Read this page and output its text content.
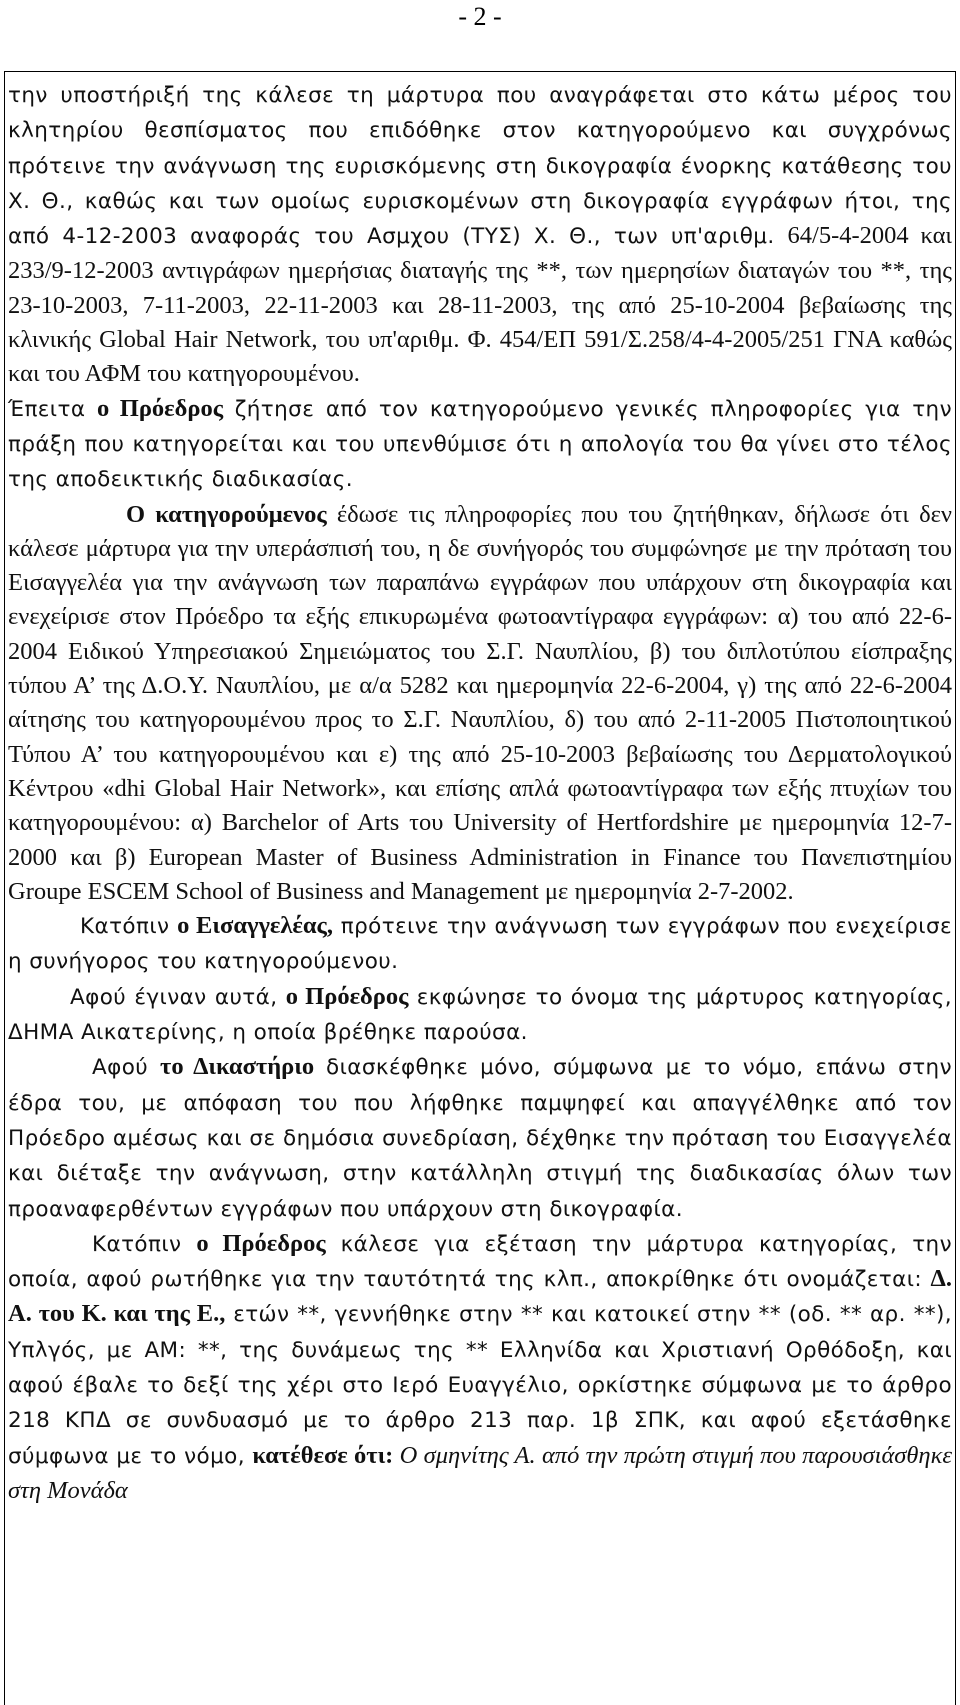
- 2 -

την υποστήριξή της κάλεσε τη μάρτυρα που αναγράφεται στο κάτω μέρος του κλητηρίου θεσπίσματος που επιδόθηκε στον κατηγορούμενο και συγχρόνως πρότεινε την ανάγνωση της ευρισκόμενης στη δικογραφία ένορκης κατάθεσης του Χ. Θ., καθώς και των ομοίως ευρισκομένων στη δικογραφία εγγράφων ήτοι, της από 4-12-2003 αναφοράς του Ασμχου (ΤΥΣ) Χ. Θ., των υπ'αριθμ. 64/5-4-2004 και 233/9-12-2003 αντιγράφων ημερήσιας διαταγής της **, των ημερησίων διαταγών του **, της 23-10-2003, 7-11-2003, 22-11-2003 και 28-11-2003, της από 25-10-2004 βεβαίωσης της κλινικής Global Hair Network, του υπ'αριθμ. Φ. 454/ΕΠ 591/Σ.258/4-4-2005/251 ΓΝΑ καθώς και του ΑΦΜ του κατηγορουμένου.

Έπειτα ο Πρόεδρος ζήτησε από τον κατηγορούμενο γενικές πληροφορίες για την πράξη που κατηγορείται και του υπενθύμισε ότι η απολογία του θα γίνει στο τέλος της αποδεικτικής διαδικασίας.

Ο κατηγορούμενος έδωσε τις πληροφορίες που του ζητήθηκαν, δήλωσε ότι δεν κάλεσε μάρτυρα για την υπεράσπισή του, η δε συνήγορός του συμφώνησε με την πρόταση του Εισαγγελέα για την ανάγνωση των παραπάνω εγγράφων που υπάρχουν στη δικογραφία και ενεχείρισε στον Πρόεδρο τα εξής επικυρωμένα φωτοαντίγραφα εγγράφων: α) του από 22-6-2004 Ειδικού Υπηρεσιακού Σημειώματος του Σ.Γ. Ναυπλίου, β) του διπλοτύπου είσπραξης τύπου Α’ της Δ.Ο.Υ. Ναυπλίου, με α/α 5282 και ημερομηνία 22-6-2004, γ) της από 22-6-2004 αίτησης του κατηγορουμένου προς το Σ.Γ. Ναυπλίου, δ) του από 2-11-2005 Πιστοποιητικού Τύπου Α’ του κατηγορουμένου και ε) της από 25-10-2003 βεβαίωσης του Δερματολογικού Κέντρου «dhi Global Hair Network», και επίσης απλά φωτοαντίγραφα των εξής πτυχίων του κατηγορουμένου: α) Barchelor of Arts του University of Hertfordshire με ημερομηνία 12-7-2000 και β) European Master of Business Administration in Finance του Πανεπιστημίου Groupe ESCEM School of Business and Management με ημερομηνία 2-7-2002.

Κατόπιν ο Εισαγγελέας, πρότεινε την ανάγνωση των εγγράφων που ενεχείρισε η συνήγορος του κατηγορούμενου.

Αφού έγιναν αυτά, ο Πρόεδρος εκφώνησε το όνομα της μάρτυρος κατηγορίας, ΔΗΜΑ Αικατερίνης, η οποία βρέθηκε παρούσα.

Αφού το Δικαστήριο διασκέφθηκε μόνο, σύμφωνα με το νόμο, επάνω στην έδρα του, με απόφαση του που λήφθηκε παμψηφεί και απαγγέλθηκε από τον Πρόεδρο αμέσως και σε δημόσια συνεδρίαση, δέχθηκε την πρόταση του Εισαγγελέα και διέταξε την ανάγνωση, στην κατάλληλη στιγμή της διαδικασίας όλων των προαναφερθέντων εγγράφων που υπάρχουν στη δικογραφία.

Κατόπιν ο Πρόεδρος κάλεσε για εξέταση την μάρτυρα κατηγορίας, την οποία, αφού ρωτήθηκε για την ταυτότητά της κλπ., αποκρίθηκε ότι ονομάζεται: Δ. Α. του Κ. και της Ε., ετών **, γεννήθηκε στην ** και κατοικεί στην ** (οδ. ** αρ. **), Υπλγός, με ΑΜ: **, της δυνάμεως της ** Ελληνίδα και Χριστιανή Ορθόδοξη, και αφού έβαλε το δεξί της χέρι στο Ιερό Ευαγγέλιο, ορκίστηκε σύμφωνα με το άρθρο 218 ΚΠΔ σε συνδυασμό με το άρθρο 213 παρ. 1β ΣΠΚ, και αφού εξετάσθηκε σύμφωνα με το νόμο, κατέθεσε ότι: Ο σμηνίτης Α. από την πρώτη στιγμή που παρουσιάσθηκε στη Μονάδα
